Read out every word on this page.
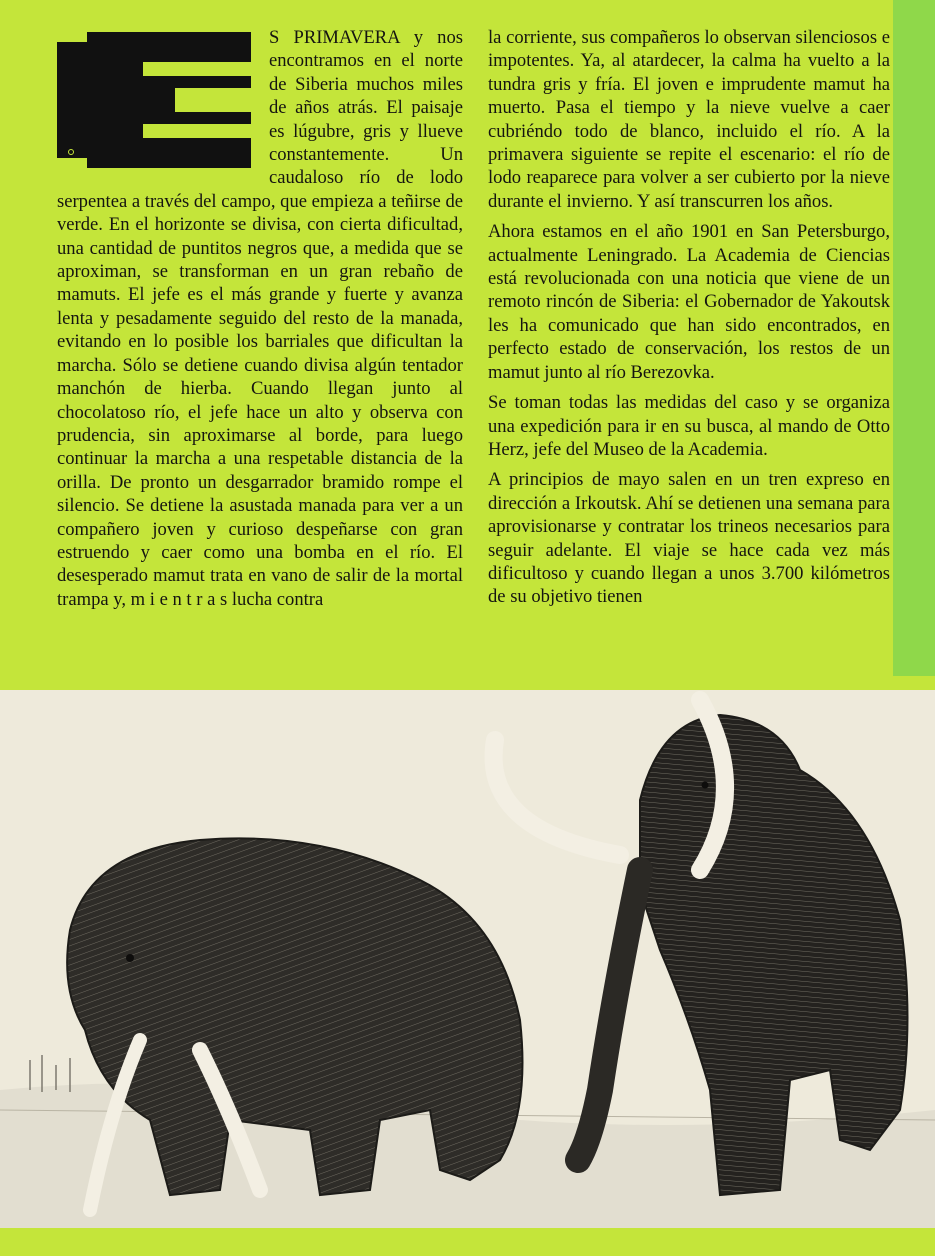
S PRIMAVERA y nos encontramos en el norte de Siberia muchos miles de años atrás. El paisaje es lúgubre, gris y llueve constantemente. Un caudaloso río de lodo serpentea a través del campo, que empieza a teñirse de verde. En el horizonte se divisa, con cierta dificultad, una cantidad de puntitos negros que, a medida que se aproximan, se transforman en un gran rebaño de mamuts. El jefe es el más grande y fuerte y avanza lenta y pesadamente seguido del resto de la manada, evitando en lo posible los barriales que dificultan la marcha. Sólo se detiene cuando divisa algún tentador manchón de hierba. Cuando llegan junto al chocolatoso río, el jefe hace un alto y observa con prudencia, sin aproximarse al borde, para luego continuar la marcha a una respetable distancia de la orilla. De pronto un desgarrador bramido rompe el silencio. Se detiene la asustada manada para ver a un compañero joven y curioso despeñarse con gran estruendo y caer como una bomba en el río. El desesperado mamut trata en vano de salir de la mortal trampa y, m i e n t r a s lucha contra

la corriente, sus compañeros lo observan silenciosos e impotentes. Ya, al atardecer, la calma ha vuelto a la tundra gris y fría. El joven e imprudente mamut ha muerto. Pasa el tiempo y la nieve vuelve a caer cubriéndo todo de blanco, incluido el río. A la primavera siguiente se repite el escenario: el río de lodo reaparece para volver a ser cubierto por la nieve durante el invierno. Y así transcurren los años.

Ahora estamos en el año 1901 en San Petersburgo, actualmente Leningrado. La Academia de Ciencias está revolucionada con una noticia que viene de un remoto rincón de Siberia: el Gobernador de Yakoutsk les ha comunicado que han sido encontrados, en perfecto estado de conservación, los restos de un mamut junto al río Berezovka.

Se toman todas las medidas del caso y se organiza una expedición para ir en su busca, al mando de Otto Herz, jefe del Museo de la Academia.

A principios de mayo salen en un tren expreso en dirección a Irkoutsk. Ahí se detienen una semana para aprovisionarse y contratar los trineos necesarios para seguir adelante. El viaje se hace cada vez más dificultoso y cuando llegan a unos 3.700 kilómetros de su objetivo tienen
